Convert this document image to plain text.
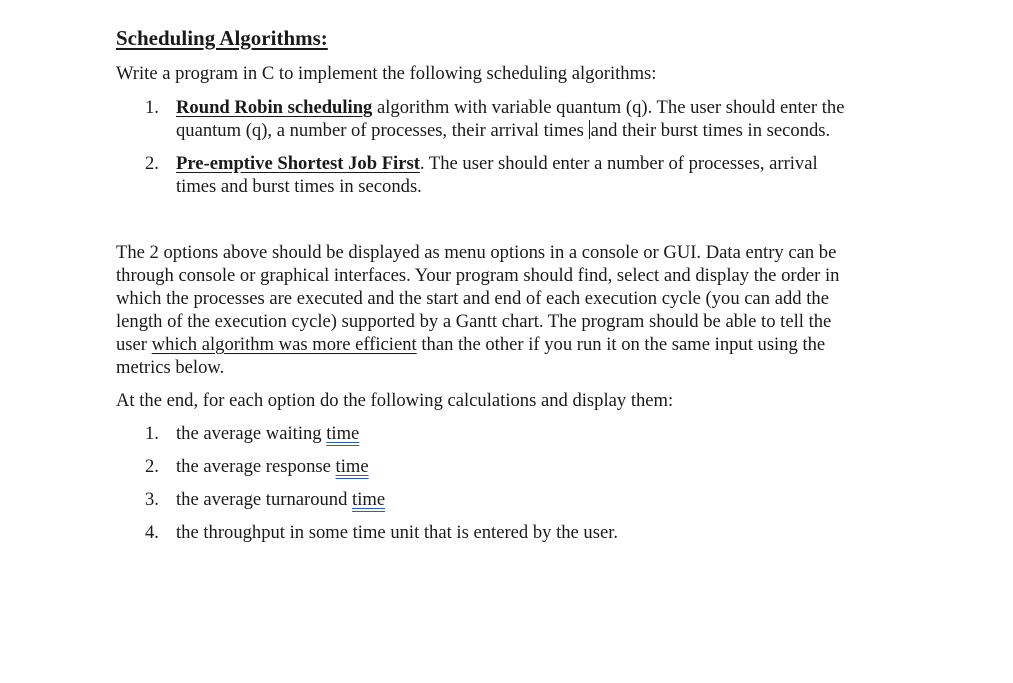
Scheduling Algorithms:
Write a program in C to implement the following scheduling algorithms:
1. Round Robin scheduling algorithm with variable quantum (q). The user should enter the
quantum (q), a number of processes, their arrival times and their burst times in seconds.
2. Pre-emptive Shortest Job First. The user should enter a number of processes, arrival
times and burst times in seconds.
The 2 options above should be displayed as menu options in a console or GUI. Data entry can be
through console or graphical interfaces. Your program should find, select and display the order in
which the processes are executed and the start and end of each execution cycle (you can add the
length of the execution cycle) supported by a Gantt chart. The program should be able to tell the
user which algorithm was more efficient than the other if you run it on the same input using the
metrics below.
At the end, for each option do the following calculations and display them:
1. the average waiting time
2. the average response time
3. the average turnaround time
4. the throughput in some time unit that is entered by the user.
